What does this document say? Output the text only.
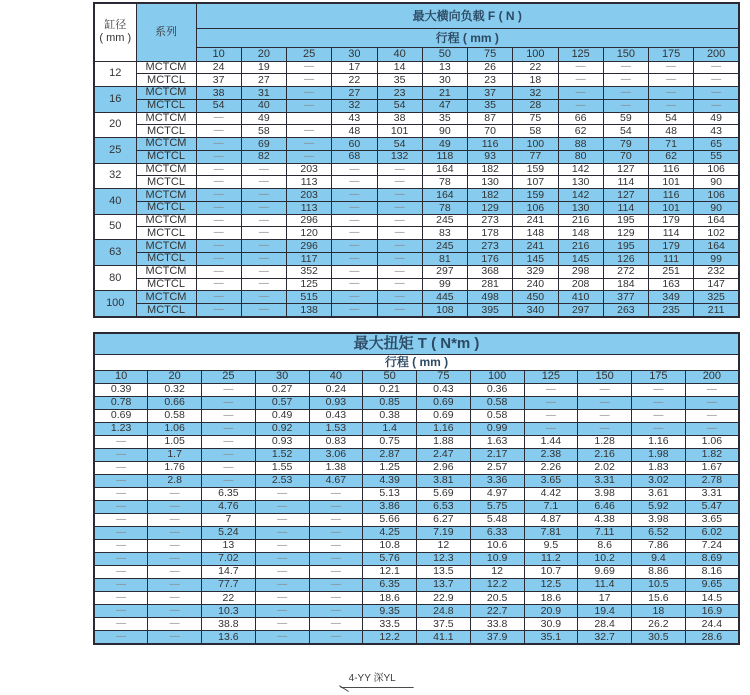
缸径
( mm )	系列	最大横向负载 F ( N )											
		行程 ( mm )											
		10	20	25	30	40	50	75	100	125	150	175	200
12	MCTCM	24	19	—	17	14	13	26	22	—	—	—	—
	MCTCL	37	27	—	22	35	30	23	18	—	—	—	—
16	MCTCM	38	31	—	27	23	21	37	32	—	—	—	—
	MCTCL	54	40	—	32	54	47	35	28	—	—	—	—
20	MCTCM	—	49		43	38	35	87	75	66	59	54	49
	MCTCL	—	58	—	48	101	90	70	58	62	54	48	43
25	MCTCM	—	69	—	60	54	49	116	100	88	79	71	65
	MCTCL	—	82	—	68	132	118	93	77	80	70	62	55
32	MCTCM	—	—	203	—	—	164	182	159	142	127	116	106
	MCTCL	—	—	113	—	—	78	130	107	130	114	101	90
40	MCTCM	—	—	203	—	—	164	182	159	142	127	116	106
	MCTCL	—	—	113	—	—	78	129	106	130	114	101	90
50	MCTCM	—	—	296	—	—	245	273	241	216	195	179	164
	MCTCL	—	—	120	—	—	83	178	148	148	129	114	102
63	MCTCM	—	—	296	—	—	245	273	241	216	195	179	164
	MCTCL	—	—	117	—	—	81	176	145	145	126	111	99
80	MCTCM	—	—	352	—	—	297	368	329	298	272	251	232
	MCTCL	—	—	125	—	—	99	281	240	208	184	163	147
100	MCTCM	—	—	515	—	—	445	498	450	410	377	349	325
	MCTCL	—	—	138	—	—	108	395	340	297	263	235	211
最大扭矩 T ( N*m )											
行程 ( mm )											
10	20	25	30	40	50	75	100	125	150	175	200
0.39	0.32	—	0.27	0.24	0.21	0.43	0.36	—	—	—	—
0.78	0.66	—	0.57	0.93	0.85	0.69	0.58	—	—	—	—
0.69	0.58	—	0.49	0.43	0.38	0.69	0.58	—	—	—	—
1.23	1.06	—	0.92	1.53	1.4	1.16	0.99	—	—	—	—
—	1.05	—	0.93	0.83	0.75	1.88	1.63	1.44	1.28	1.16	1.06
—	1.7	—	1.52	3.06	2.87	2.47	2.17	2.38	2.16	1.98	1.82
—	1.76	—	1.55	1.38	1.25	2.96	2.57	2.26	2.02	1.83	1.67
—	2.8	—	2.53	4.67	4.39	3.81	3.36	3.65	3.31	3.02	2.78
—	—	6.35	—	—	5.13	5.69	4.97	4.42	3.98	3.61	3.31
—	—	4.76	—	—	3.86	6.53	5.75	7.1	6.46	5.92	5.47
—	—	7	—	—	5.66	6.27	5.48	4.87	4.38	3.98	3.65
—	—	5.24	—	—	4.25	7.19	6.33	7.81	7.11	6.52	6.02
—	—	13	—	—	10.8	12	10.6	9.5	8.6	7.86	7.24
—	—	7.02	—	—	5.76	12.3	10.9	11.2	10.2	9.4	8.69
—	—	14.7	—	—	12.1	13.5	12	10.7	9.69	8.86	8.16
—	—	77.7	—	—	6.35	13.7	12.2	12.5	11.4	10.5	9.65
—	—	22	—	—	18.6	22.9	20.5	18.6	17	15.6	14.5
—	—	10.3	—	—	9.35	24.8	22.7	20.9	19.4	18	16.9
—	—	38.8	—	—	33.5	37.5	33.8	30.9	28.4	26.2	24.4
—	—	13.6	—	—	12.2	41.1	37.9	35.1	32.7	30.5	28.6
4-YY 深YL
